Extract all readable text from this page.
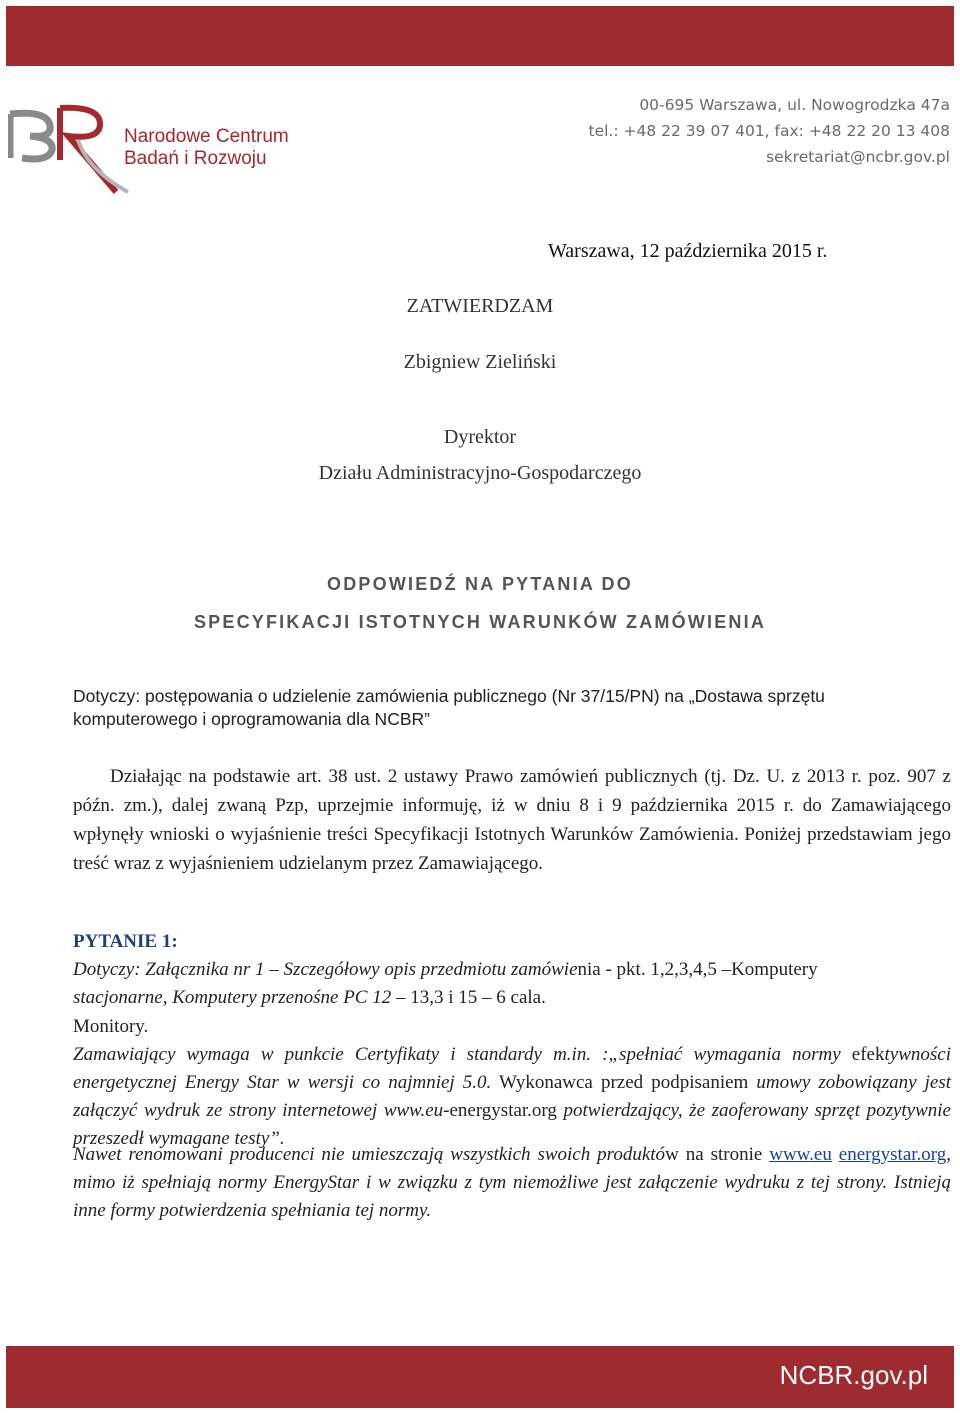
Narodowe Centrum
Badań i Rozwoju
00-695 Warszawa, ul. Nowogrodzka 47a
tel.: +48 22 39 07 401, fax: +48 22 20 13 408
sekretariat@ncbr.gov.pl
Warszawa, 12 października 2015 r.
ZATWIERDZAM
Zbigniew Zieliński
Dyrektor
Działu Administracyjno-Gospodarczego
ODPOWIEDŹ NA PYTANIA DO
SPECYFIKACJI ISTOTNYCH WARUNKÓW ZAMÓWIENIA
Dotyczy: postępowania o udzielenie zamówienia publicznego (Nr 37/15/PN) na „Dostawa sprzętu komputerowego i oprogramowania dla NCBR”
Działając na podstawie art. 38 ust. 2 ustawy Prawo zamówień publicznych (tj. Dz. U. z 2013 r. poz. 907 z późn. zm.), dalej zwaną Pzp, uprzejmie informuję, iż w dniu 8 i 9 października 2015 r. do Zamawiającego wpłynęły wnioski o wyjaśnienie treści Specyfikacji Istotnych Warunków Zamówienia. Poniżej przedstawiam jego treść wraz z wyjaśnieniem udzielanym przez Zamawiającego.
PYTANIE 1:
Dotyczy: Załącznika nr 1 – Szczegółowy opis przedmiotu zamówienia - pkt. 1,2,3,4,5 –Komputery
stacjonarne, Komputery przenośne PC 12 – 13,3 i 15 – 6 cala.
Monitory.
Zamawiający wymaga w punkcie Certyfikaty i standardy m.in. :„spełniać wymagania normy efektywności energetycznej Energy Star w wersji co najmniej 5.0. Wykonawca przed podpisaniem umowy zobowiązany jest załączyć wydruk ze strony internetowej www.eu-energystar.org potwierdzający, że zaoferowany sprzęt pozytywnie przeszedł wymagane testy”.
Nawet renomowani producenci nie umieszczają wszystkich swoich produktów na stronie www.eu energystar.org, mimo iż spełniają normy EnergyStar i w związku z tym niemożliwe jest załączenie wydruku z tej strony. Istnieją inne formy potwierdzenia spełniania tej normy.
NCBR.gov.pl
